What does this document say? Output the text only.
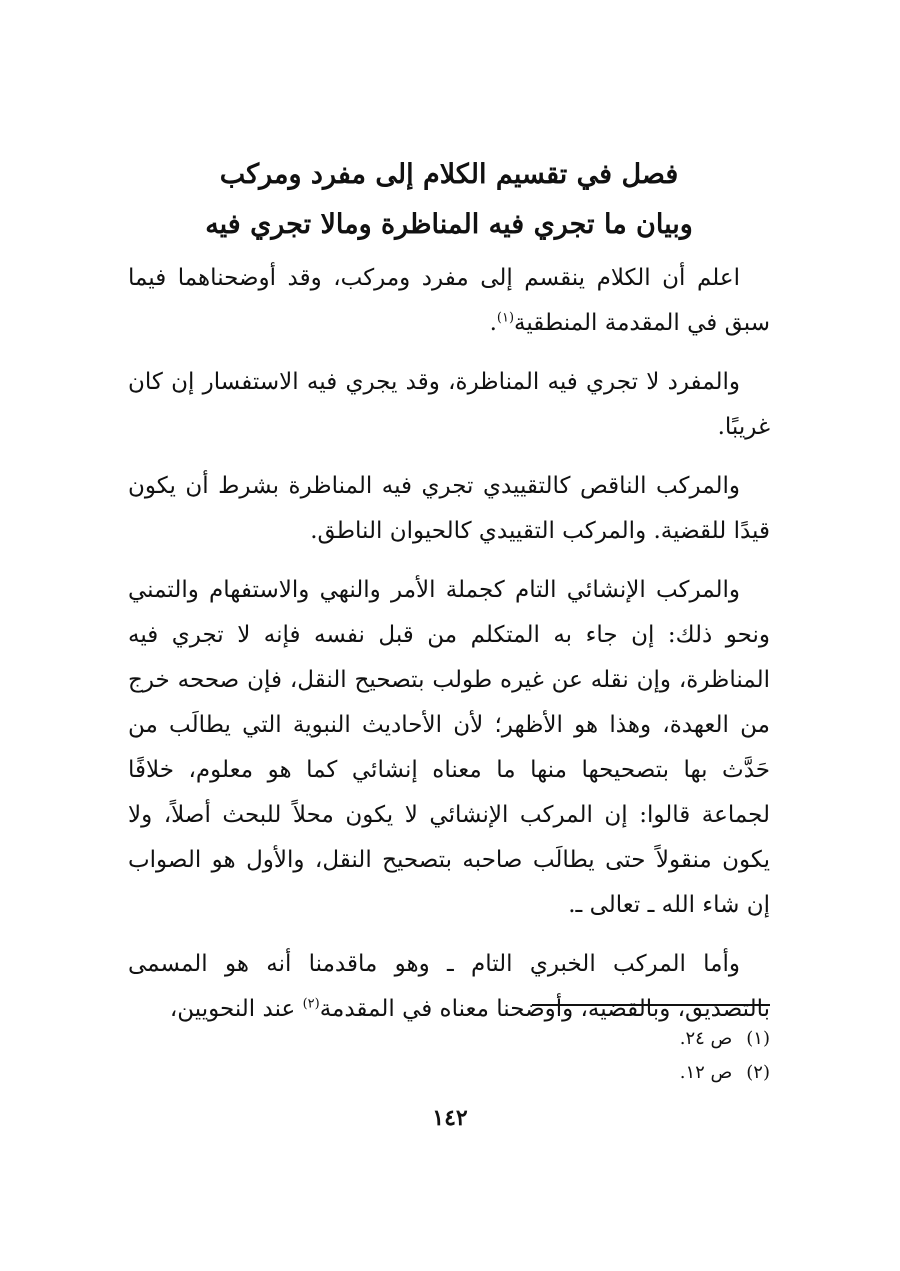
فصل في تقسيم الكلام إلى مفرد ومركب
وبيان ما تجري فيه المناظرة ومالا تجري فيه

اعلم أن الكلام ينقسم إلى مفرد ومركب، وقد أوضحناهما فيما سبق في المقدمة المنطقية$^{(١)}$.

والمفرد لا تجري فيه المناظرة، وقد يجري فيه الاستفسار إن كان غريبًا.

والمركب الناقص كالتقييدي تجري فيه المناظرة بشرط أن يكون قيدًا للقضية. والمركب التقييدي كالحيوان الناطق.

والمركب الإنشائي التام كجملة الأمر والنهي والاستفهام والتمني ونحو ذلك: إن جاء به المتكلم من قبل نفسه فإنه لا تجري فيه المناظرة، وإن نقله عن غيره طولب بتصحيح النقل، فإن صححه خرج من العهدة، وهذا هو الأظهر؛ لأن الأحاديث النبوية التي يطالَب من حَدَّث بها بتصحيحها منها ما معناه إنشائي كما هو معلوم، خلافًا لجماعة قالوا: إن المركب الإنشائي لا يكون محلاً للبحث أصلاً، ولا يكون منقولاً حتى يطالَب صاحبه بتصحيح النقل، والأول هو الصواب إن شاء الله ـ تعالى ـ.

وأما المركب الخبري التام ـ وهو ماقدمنا أنه هو المسمى بالتصديق، وبالقضية، وأوضحنا معناه في المقدمة$^{(٢)}$ عند النحويين،

(١)ص ٢٤.
(٢)ص ١٢.
١٤٢
